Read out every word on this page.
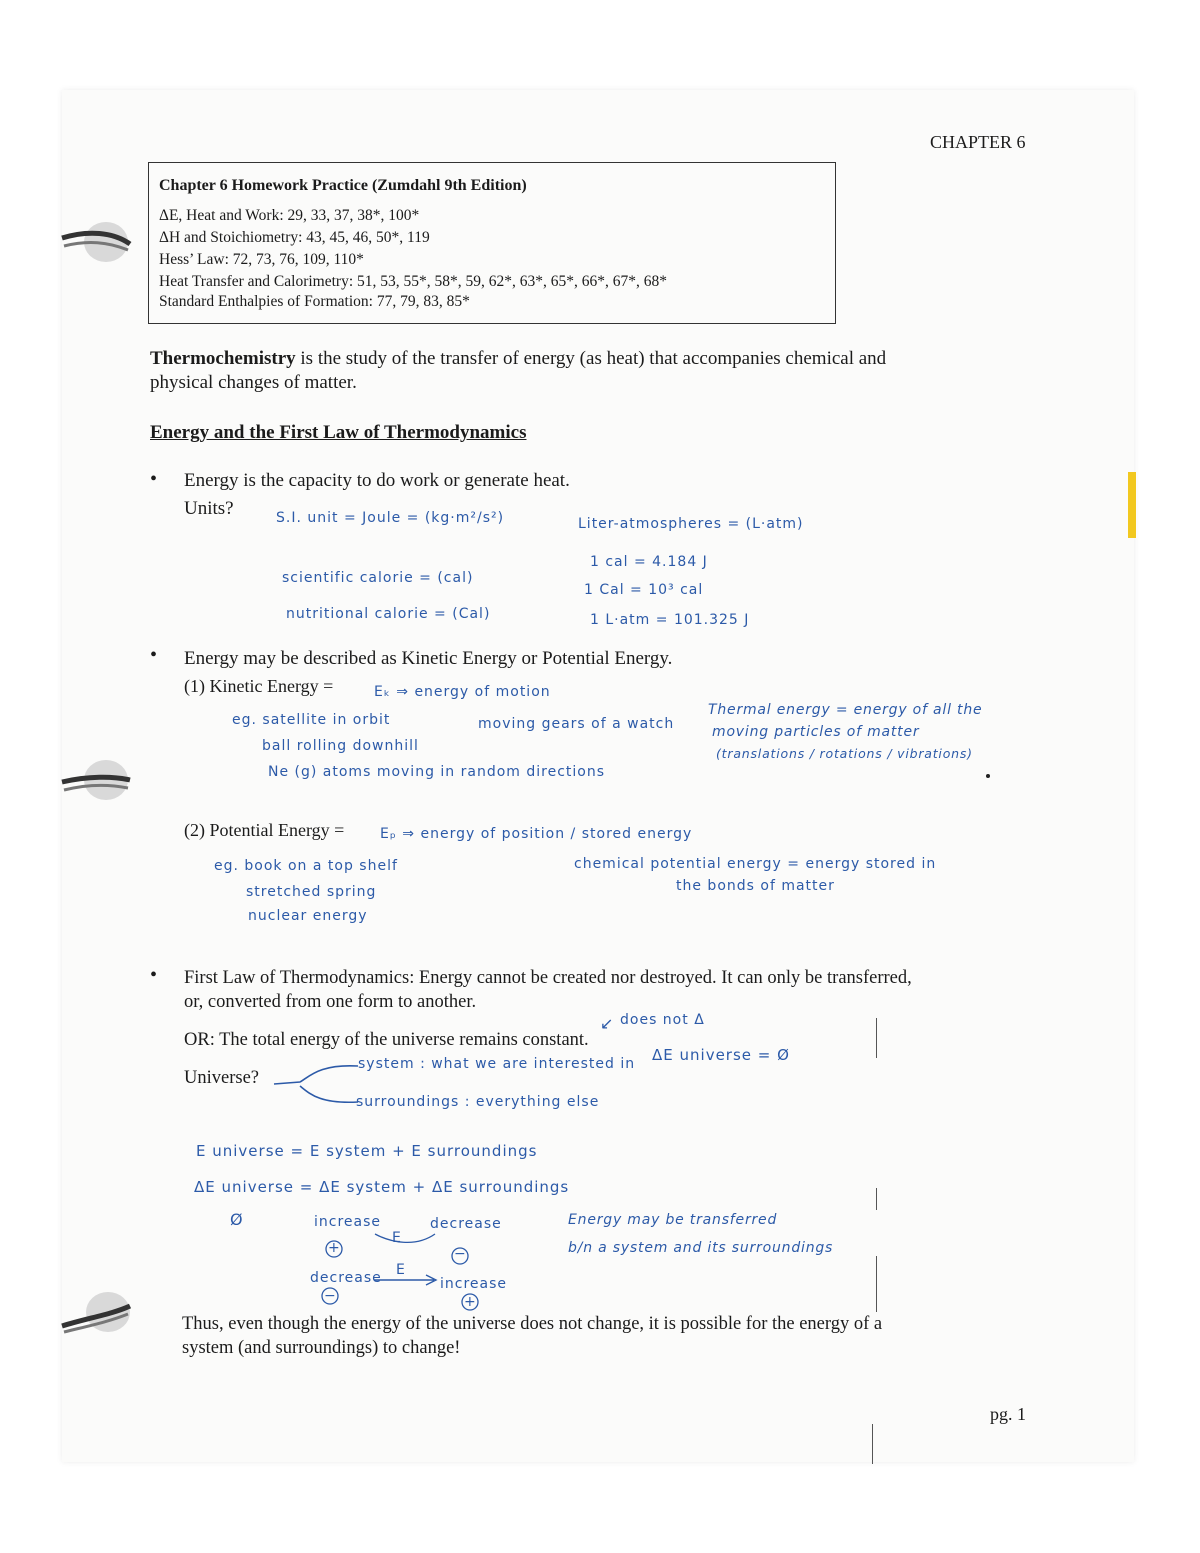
CHAPTER 6
Chapter 6 Homework Practice (Zumdahl 9th Edition)
ΔE, Heat and Work: 29, 33, 37, 38*, 100*
ΔH and Stoichiometry: 43, 45, 46, 50*, 119
Hess’ Law: 72, 73, 76, 109, 110*
Heat Transfer and Calorimetry: 51, 53, 55*, 58*, 59, 62*, 63*, 65*, 66*, 67*, 68*
Standard Enthalpies of Formation: 77, 79, 83, 85*
Thermochemistry is the study of the transfer of energy (as heat) that accompanies chemical and
physical changes of matter.
Energy and the First Law of Thermodynamics
• Energy is the capacity to do work or generate heat.
Units?	S.I. unit = Joule = (kg·m²/s²)	Liter-atmospheres = (L·atm)
1 cal = 4.184 J
scientific calorie = (cal)
1 Cal = 10³ cal
nutritional calorie = (Cal)	1 L·atm = 101.325 J
• Energy may be described as Kinetic Energy or Potential Energy.
(1) Kinetic Energy =	Eₖ ⇒ energy of motion
eg. satellite in orbit	moving gears of a watch
ball rolling downhill
Ne (g) atoms moving in random directions
Thermal energy = energy of all the
moving particles of matter
(translations / rotations / vibrations)
(2) Potential Energy =	Eₚ ⇒ energy of position / stored energy
eg. book on a top shelf
stretched spring
nuclear energy
chemical potential energy = energy stored in
the bonds of matter
• First Law of Thermodynamics: Energy cannot be created nor destroyed. It can only be transferred,
or, converted from one form to another.
does not Δ
↙
OR: The total energy of the universe remains constant.
ΔE universe = Ø
system : what we are interested in
Universe?
surroundings : everything else
E universe = E system + E surroundings
ΔE universe = ΔE system + ΔE surroundings
Ø	increase	decrease
+
E
−
decrease E
increase
−	+
Energy may be transferred
b/n a system and its surroundings
Thus, even though the energy of the universe does not change, it is possible for the energy of a
system (and surroundings) to change!
pg. 1
